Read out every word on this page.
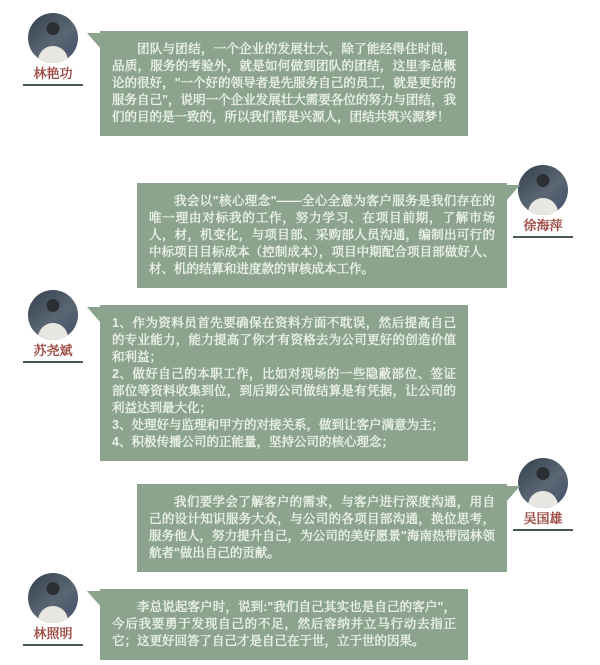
林艳功

团队与团结，一个企业的发展壮大，除了能经得住时间，品质，服务的考验外，就是如何做到团队的团结，这里李总概论的很好，"一个好的领导者是先服务自己的员工，就是更好的服务自己"，说明一个企业发展壮大需要各位的努力与团结，我们的目的是一致的，所以我们都是兴源人，团结共筑兴源梦！

徐海萍

我会以"核心理念"——全心全意为客户服务是我们存在的唯一理由对标我的工作，努力学习、在项目前期，了解市场人，材，机变化，与项目部、采购部人员沟通，编制出可行的中标项目目标成本（控制成本），项目中期配合项目部做好人、材、机的结算和进度款的审核成本工作。

苏尧斌

1、作为资料员首先要确保在资料方面不耽误，然后提高自己的专业能力，能力提高了你才有资格去为公司更好的创造价值和利益；

2、做好自己的本职工作，比如对现场的一些隐蔽部位、签证部位等资料收集到位，到后期公司做结算是有凭据，让公司的利益达到最大化；

3、处理好与监理和甲方的对接关系，做到让客户满意为主；

4、积极传播公司的正能量，坚持公司的核心理念；

吴国雄

我们要学会了解客户的需求，与客户进行深度沟通，用自己的设计知识服务大众，与公司的各项目部沟通，换位思考，服务他人，努力提升自己，为公司的美好愿景"海南热带园林领航者"做出自己的贡献。

林照明

李总说起客户时，说到:"我们自己其实也是自己的客户"，今后我要勇于发现自己的不足，然后容纳并立马行动去指正它；这更好回答了自己才是自己在于世，立于世的因果。
